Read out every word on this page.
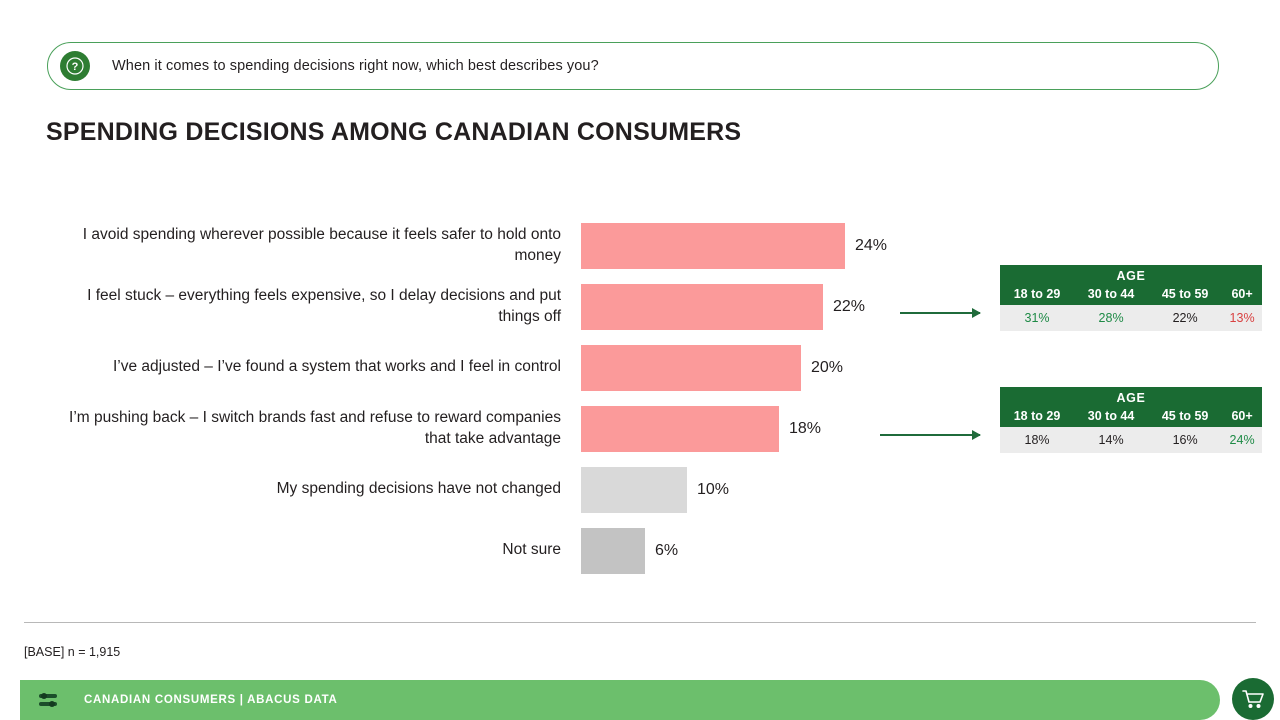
? When it comes to spending decisions right now, which best describes you?
SPENDING DECISIONS AMONG CANADIAN CONSUMERS
I avoid spending wherever possible because it feels safer to hold onto money
24%
I feel stuck – everything feels expensive, so I delay decisions and put things off
22%
I’ve adjusted – I’ve found a system that works and I feel in control	20%
I’m pushing back – I switch brands fast and refuse to reward companies that take advantage
18%
My spending decisions have not changed	10%
Not sure	6%
AGE			
18 to 29	30 to 44	45 to 59	60+
31%	28%	22%	13%
AGE			
18 to 29	30 to 44	45 to 59	60+
18%	14%	16%	24%
[BASE] n = 1,915
CANADIAN CONSUMERS | ABACUS DATA
